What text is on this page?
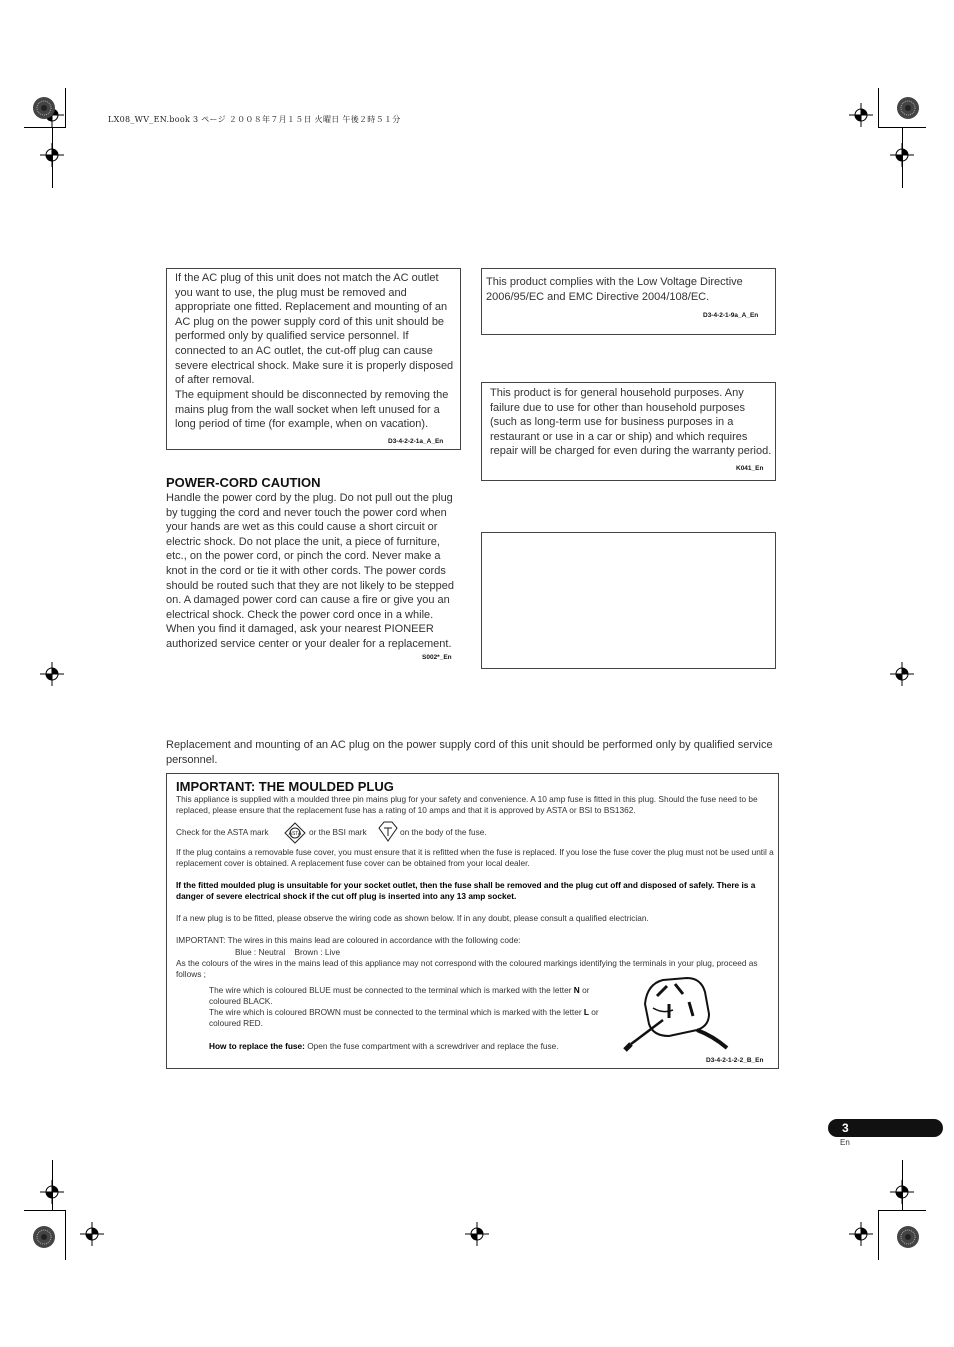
LX08_WV_EN.book 3 ページ ２００８年７月１５日 火曜日 午後２時５１分
If the AC plug of this unit does not match the AC outlet you want to use, the plug must be removed and appropriate one fitted. Replacement and mounting of an AC plug on the power supply cord of this unit should be performed only by qualified service personnel. If connected to an AC outlet, the cut-off plug can cause severe electrical shock. Make sure it is properly disposed of after removal.
The equipment should be disconnected by removing the mains plug from the wall socket when left unused for a long period of time (for example, when on vacation).
D3-4-2-2-1a_A_En
POWER-CORD CAUTION
Handle the power cord by the plug. Do not pull out the plug by tugging the cord and never touch the power cord when your hands are wet as this could cause a short circuit or electric shock. Do not place the unit, a piece of furniture, etc., on the power cord, or pinch the cord. Never make a knot in the cord or tie it with other cords. The power cords should be routed such that they are not likely to be stepped on. A damaged power cord can cause a fire or give you an electrical shock. Check the power cord once in a while. When you find it damaged, ask your nearest PIONEER authorized service center or your dealer for a replacement.
S002*_En
This product complies with the Low Voltage Directive 2006/95/EC and EMC Directive 2004/108/EC.
D3-4-2-1-9a_A_En
This product is for general household purposes. Any failure due to use for other than household purposes (such as long-term use for business purposes in a restaurant or use in a car or ship) and which requires repair will be charged for even during the warranty period.
K041_En
Replacement and mounting of an AC plug on the power supply cord of this unit should be performed only by qualified service personnel.
IMPORTANT: THE MOULDED PLUG
This appliance is supplied with a moulded three pin mains plug for your safety and convenience. A 10 amp fuse is fitted in this plug. Should the fuse need to be replaced, please ensure that the replacement fuse has a rating of 10 amps and that it is approved by ASTA or BSI to BS1362.
Check for the ASTA mark	ASTA or the BSI mark	on the body of the fuse.
If the plug contains a removable fuse cover, you must ensure that it is refitted when the fuse is replaced. If you lose the fuse cover the plug must not be used until a replacement cover is obtained. A replacement fuse cover can be obtained from your local dealer.
If the fitted moulded plug is unsuitable for your socket outlet, then the fuse shall be removed and the plug cut off and disposed of safely. There is a danger of severe electrical shock if the cut off plug is inserted into any 13 amp socket.
If a new plug is to be fitted, please observe the wiring code as shown below. If in any doubt, please consult a qualified electrician.
IMPORTANT: The wires in this mains lead are coloured in accordance with the following code:
Blue : Neutral    Brown : Live
As the colours of the wires in the mains lead of this appliance may not correspond with the coloured markings identifying the terminals in your plug, proceed as follows ;
The wire which is coloured BLUE must be connected to the terminal which is marked with the letter N or coloured BLACK.
The wire which is coloured BROWN must be connected to the terminal which is marked with the letter L or coloured RED.
How to replace the fuse: Open the fuse compartment with a screwdriver and replace the fuse.
D3-4-2-1-2-2_B_En
3
En
